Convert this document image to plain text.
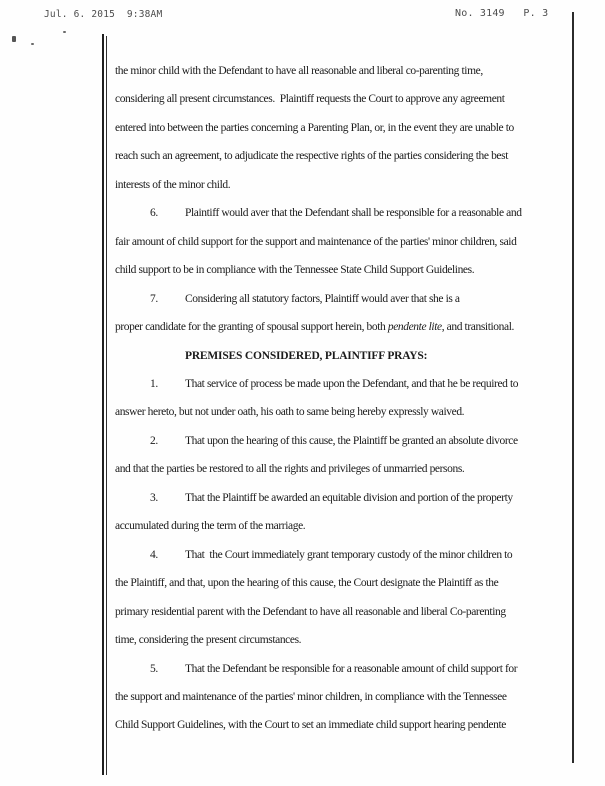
Jul. 6. 2015  9:38AM	No. 3149   P. 3
the minor child with the Defendant to have all reasonable and liberal co-parenting time,
considering all present circumstances.  Plaintiff requests the Court to approve any agreement
entered into between the parties concerning a Parenting Plan, or, in the event they are unable to
reach such an agreement, to adjudicate the respective rights of the parties considering the best
interests of the minor child.
6. Plaintiff would aver that the Defendant shall be responsible for a reasonable and
fair amount of child support for the support and maintenance of the parties' minor children, said
child support to be in compliance with the Tennessee State Child Support Guidelines.
7. Considering all statutory factors, Plaintiff would aver that she is a
proper candidate for the granting of spousal support herein, both pendente lite, and transitional.
PREMISES CONSIDERED, PLAINTIFF PRAYS:
1. That service of process be made upon the Defendant, and that he be required to
answer hereto, but not under oath, his oath to same being hereby expressly waived.
2. That upon the hearing of this cause, the Plaintiff be granted an absolute divorce
and that the parties be restored to all the rights and privileges of unmarried persons.
3. That the Plaintiff be awarded an equitable division and portion of the property
accumulated during the term of the marriage.
4. That  the Court immediately grant temporary custody of the minor children to
the Plaintiff, and that, upon the hearing of this cause, the Court designate the Plaintiff as the
primary residential parent with the Defendant to have all reasonable and liberal Co-parenting
time, considering the present circumstances.
5. That the Defendant be responsible for a reasonable amount of child support for
the support and maintenance of the parties' minor children, in compliance with the Tennessee
Child Support Guidelines, with the Court to set an immediate child support hearing pendente
